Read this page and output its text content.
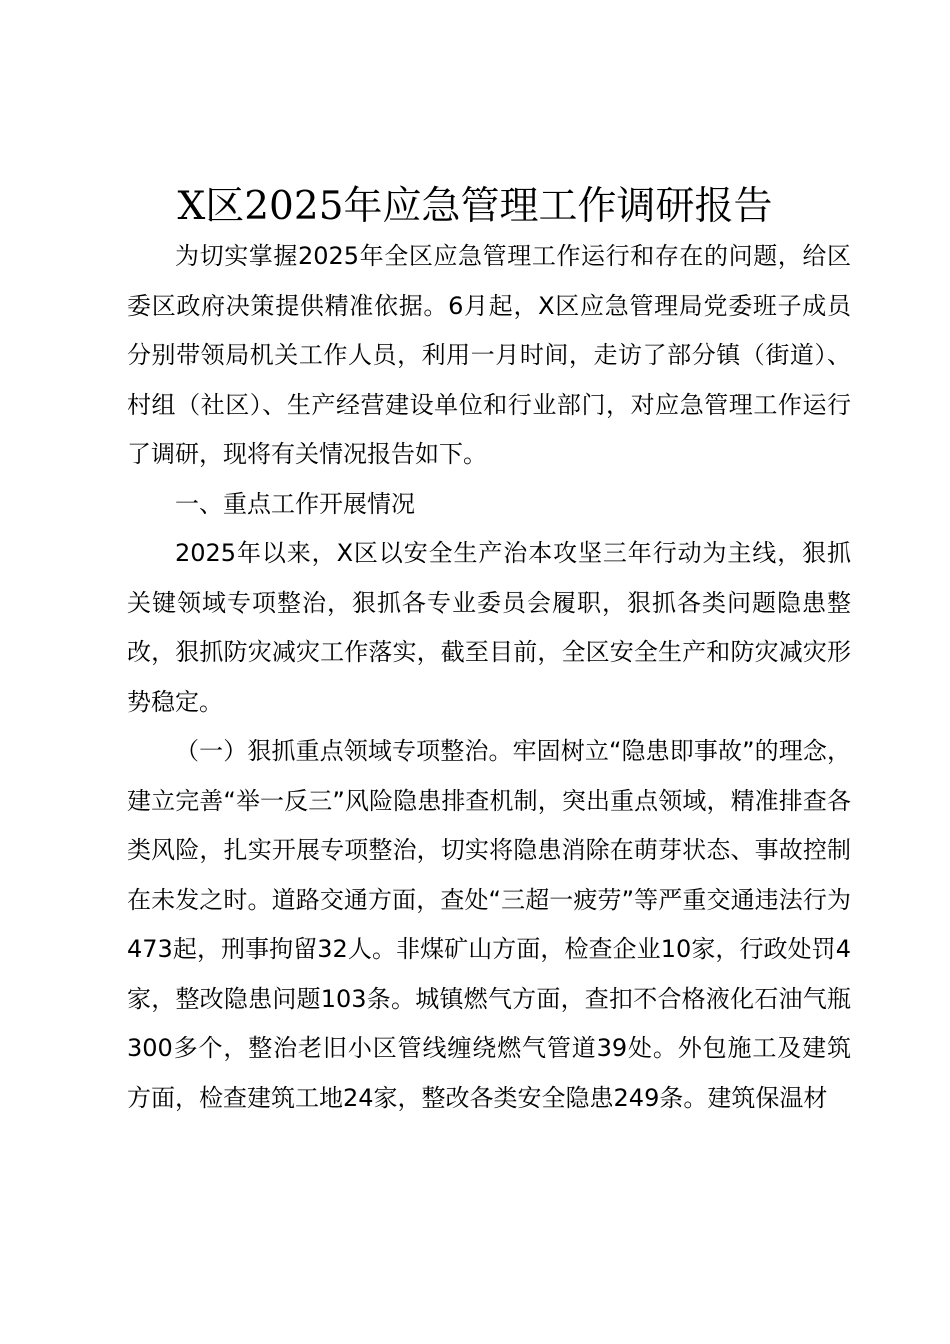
X区2025年应急管理工作调研报告

为切实掌握2025年全区应急管理工作运行和存在的问题，给区委区政府决策提供精准依据。6月起，X区应急管理局党委班子成员分别带领局机关工作人员，利用一月时间，走访了部分镇（街道）、村组（社区）、生产经营建设单位和行业部门，对应急管理工作运行了调研，现将有关情况报告如下。

一、重点工作开展情况

2025年以来，X区以安全生产治本攻坚三年行动为主线，狠抓关键领域专项整治，狠抓各专业委员会履职，狠抓各类问题隐患整改，狠抓防灾减灾工作落实，截至目前，全区安全生产和防灾减灾形势稳定。

（一）狠抓重点领域专项整治。牢固树立“隐患即事故”的理念，建立完善“举一反三”风险隐患排查机制，突出重点领域，精准排查各类风险，扎实开展专项整治，切实将隐患消除在萌芽状态、事故控制在未发之时。道路交通方面，查处“三超一疲劳”等严重交通违法行为473起，刑事拘留32人。非煤矿山方面，检查企业10家，行政处罚4家，整改隐患问题103条。城镇燃气方面，查扣不合格液化石油气瓶300多个，整治老旧小区管线缠绕燃气管道39处。外包施工及建筑方面，检查建筑工地24家，整改各类安全隐患249条。建筑保温材
